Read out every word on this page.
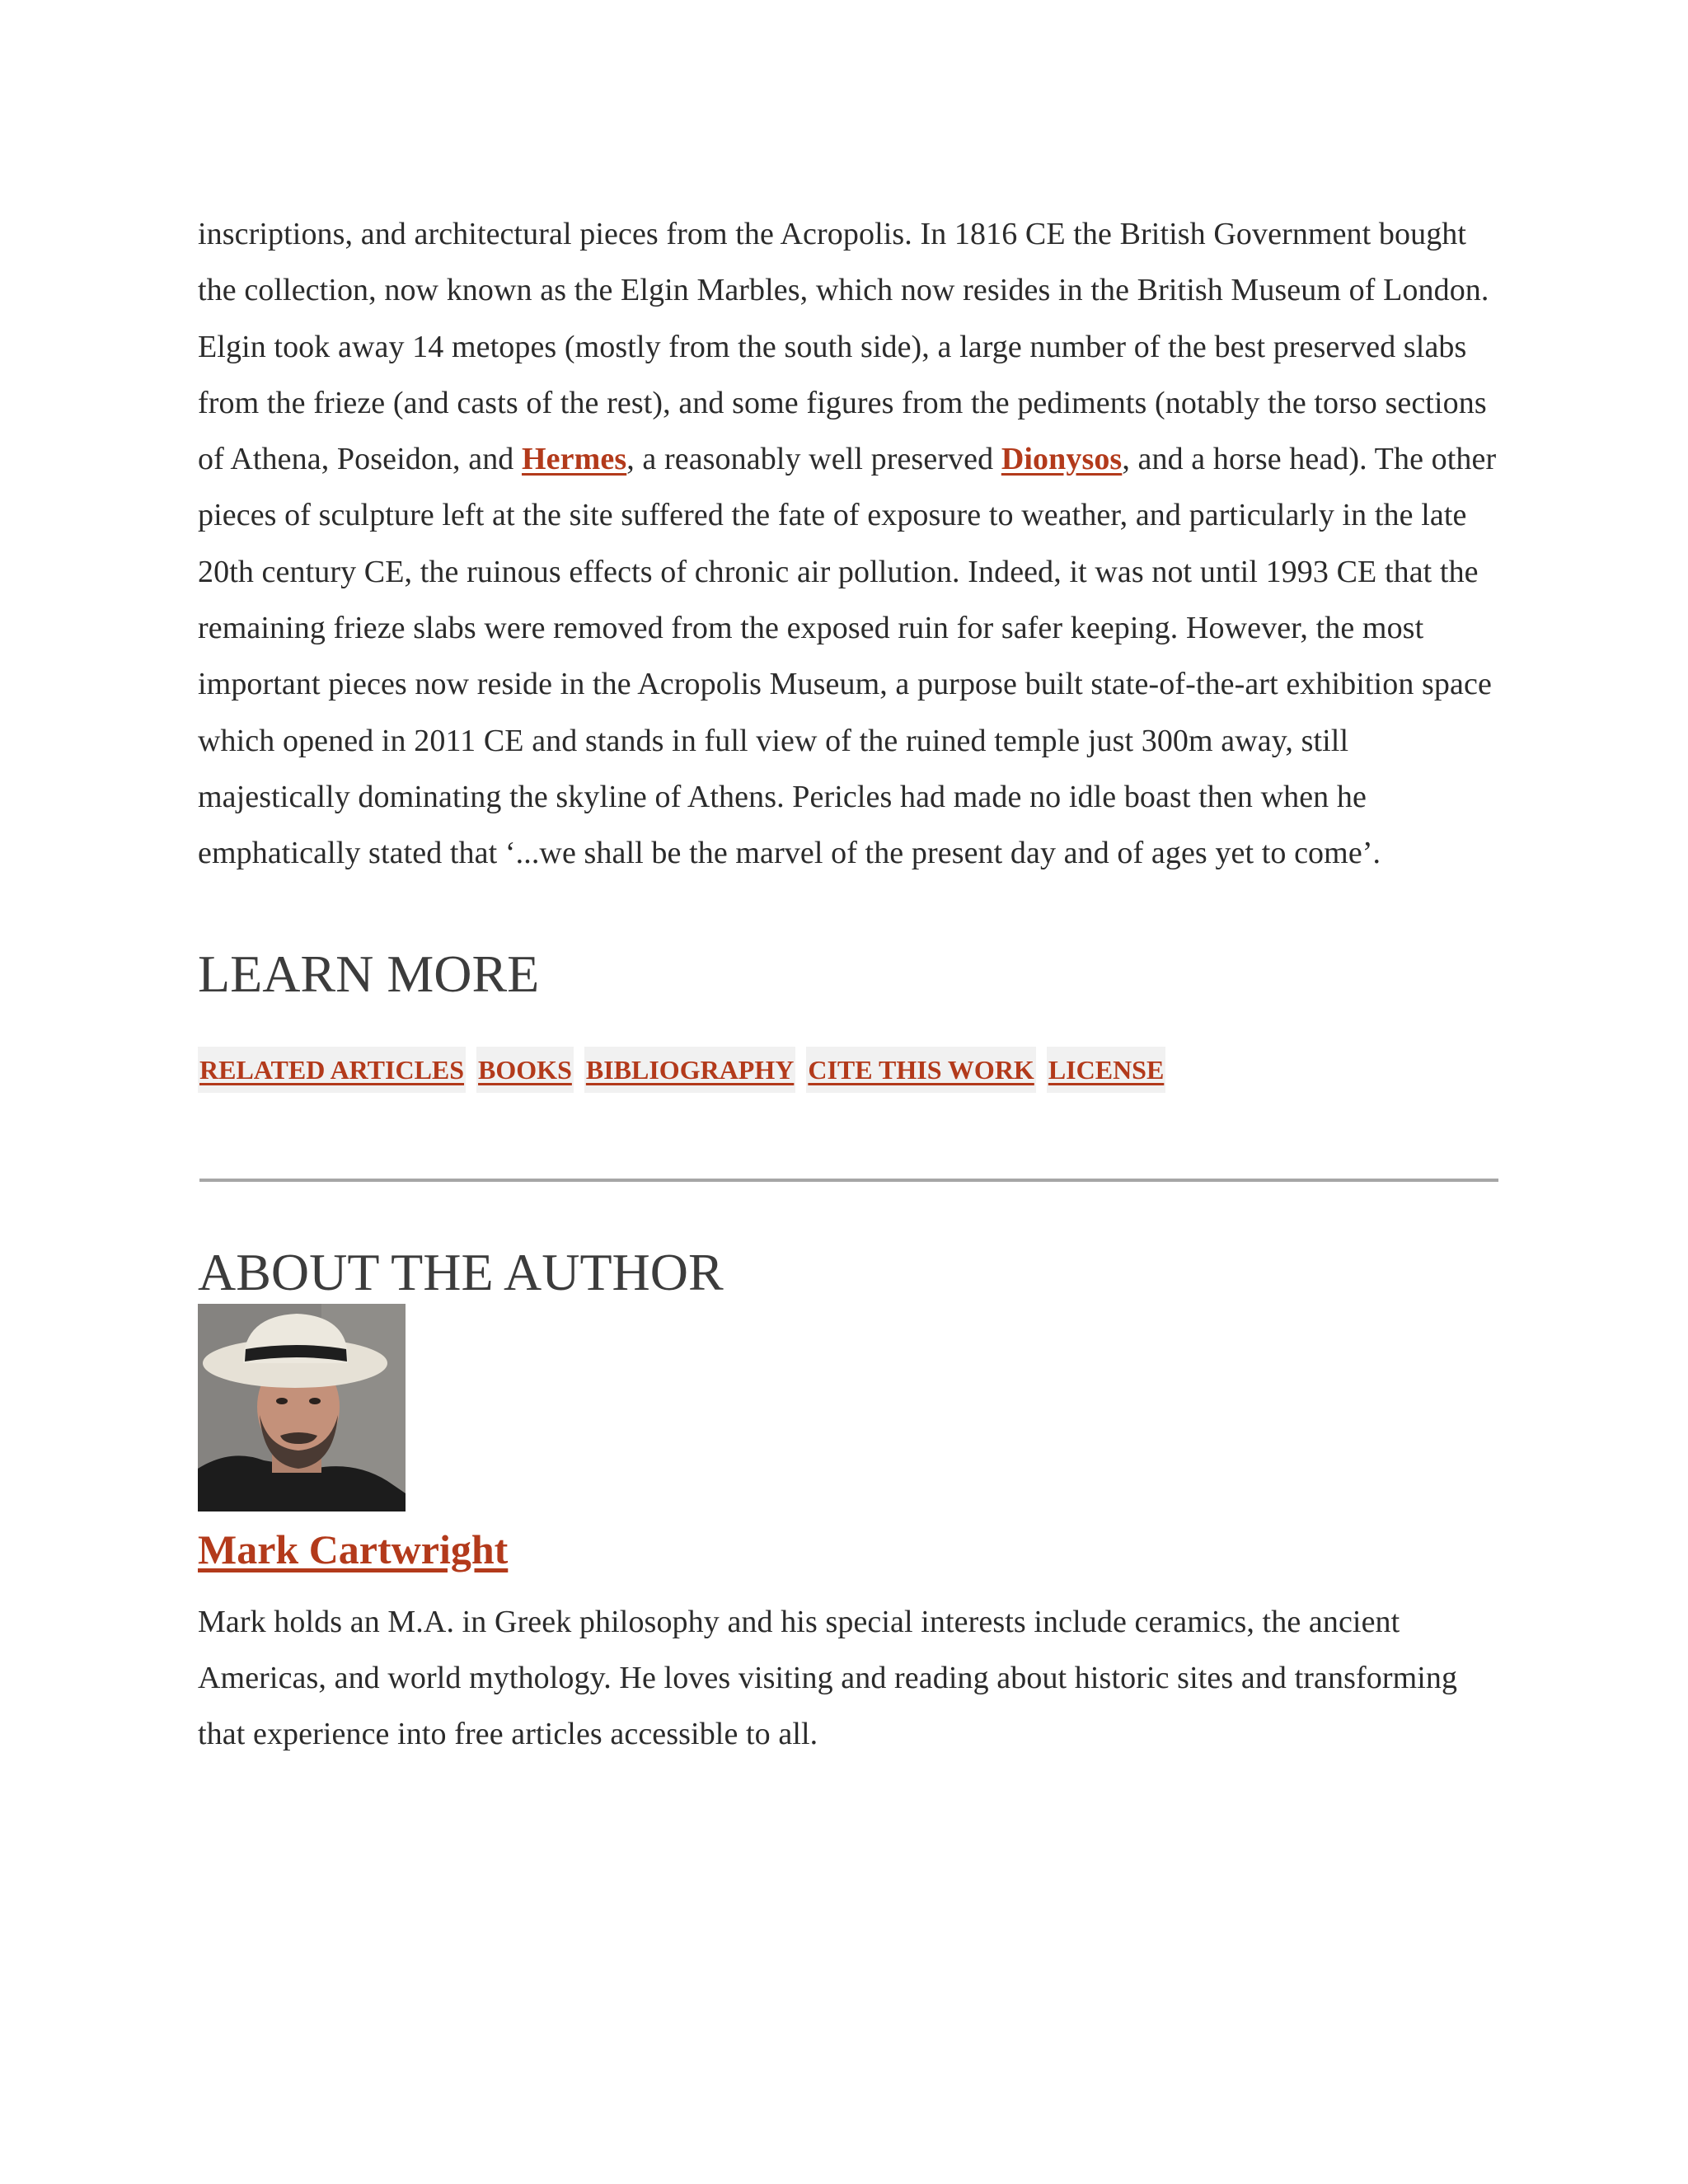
inscriptions, and architectural pieces from the Acropolis. In 1816 CE the British Government bought the collection, now known as the Elgin Marbles, which now resides in the British Museum of London. Elgin took away 14 metopes (mostly from the south side), a large number of the best preserved slabs from the frieze (and casts of the rest), and some figures from the pediments (notably the torso sections of Athena, Poseidon, and Hermes, a reasonably well preserved Dionysos, and a horse head). The other pieces of sculpture left at the site suffered the fate of exposure to weather, and particularly in the late 20th century CE, the ruinous effects of chronic air pollution. Indeed, it was not until 1993 CE that the remaining frieze slabs were removed from the exposed ruin for safer keeping. However, the most important pieces now reside in the Acropolis Museum, a purpose built state-of-the-art exhibition space which opened in 2011 CE and stands in full view of the ruined temple just 300m away, still majestically dominating the skyline of Athens. Pericles had made no idle boast then when he emphatically stated that ‘...we shall be the marvel of the present day and of ages yet to come’.

LEARN MORE
RELATED ARTICLES BOOKS BIBLIOGRAPHY CITE THIS WORK LICENSE
ABOUT THE AUTHOR
Mark Cartwright

Mark holds an M.A. in Greek philosophy and his special interests include ceramics, the ancient Americas, and world mythology. He loves visiting and reading about historic sites and transforming that experience into free articles accessible to all.
